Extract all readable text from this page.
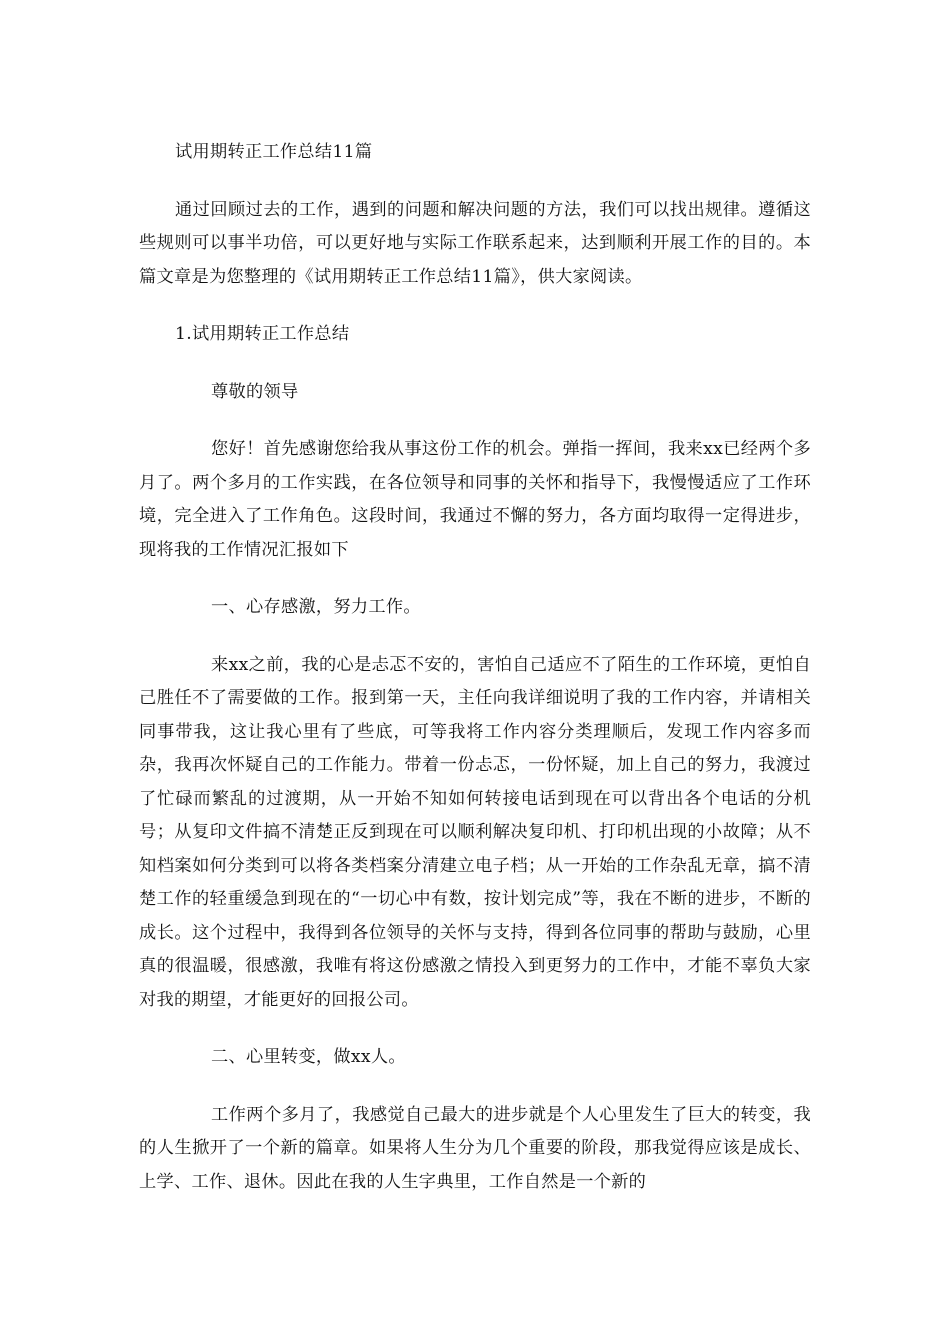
试用期转正工作总结11篇

通过回顾过去的工作，遇到的问题和解决问题的方法，我们可以找出规律。遵循这些规则可以事半功倍，可以更好地与实际工作联系起来，达到顺利开展工作的目的。本篇文章是为您整理的《试用期转正工作总结11篇》，供大家阅读。

1.试用期转正工作总结

尊敬的领导

您好！首先感谢您给我从事这份工作的机会。弹指一挥间，我来xx已经两个多月了。两个多月的工作实践，在各位领导和同事的关怀和指导下，我慢慢适应了工作环境，完全进入了工作角色。这段时间，我通过不懈的努力，各方面均取得一定得进步，现将我的工作情况汇报如下

一、心存感激，努力工作。

来xx之前，我的心是忐忑不安的，害怕自己适应不了陌生的工作环境，更怕自己胜任不了需要做的工作。报到第一天，主任向我详细说明了我的工作内容，并请相关同事带我，这让我心里有了些底，可等我将工作内容分类理顺后，发现工作内容多而杂，我再次怀疑自己的工作能力。带着一份忐忑，一份怀疑，加上自己的努力，我渡过了忙碌而繁乱的过渡期，从一开始不知如何转接电话到现在可以背出各个电话的分机号；从复印文件搞不清楚正反到现在可以顺利解决复印机、打印机出现的小故障；从不知档案如何分类到可以将各类档案分清建立电子档；从一开始的工作杂乱无章，搞不清楚工作的轻重缓急到现在的“一切心中有数，按计划完成”等，我在不断的进步，不断的成长。这个过程中，我得到各位领导的关怀与支持，得到各位同事的帮助与鼓励，心里真的很温暖，很感激，我唯有将这份感激之情投入到更努力的工作中，才能不辜负大家对我的期望，才能更好的回报公司。

二、心里转变，做xx人。

工作两个多月了，我感觉自己最大的进步就是个人心里发生了巨大的转变，我的人生掀开了一个新的篇章。如果将人生分为几个重要的阶段，那我觉得应该是成长、上学、工作、退休。因此在我的人生字典里，工作自然是一个新的
